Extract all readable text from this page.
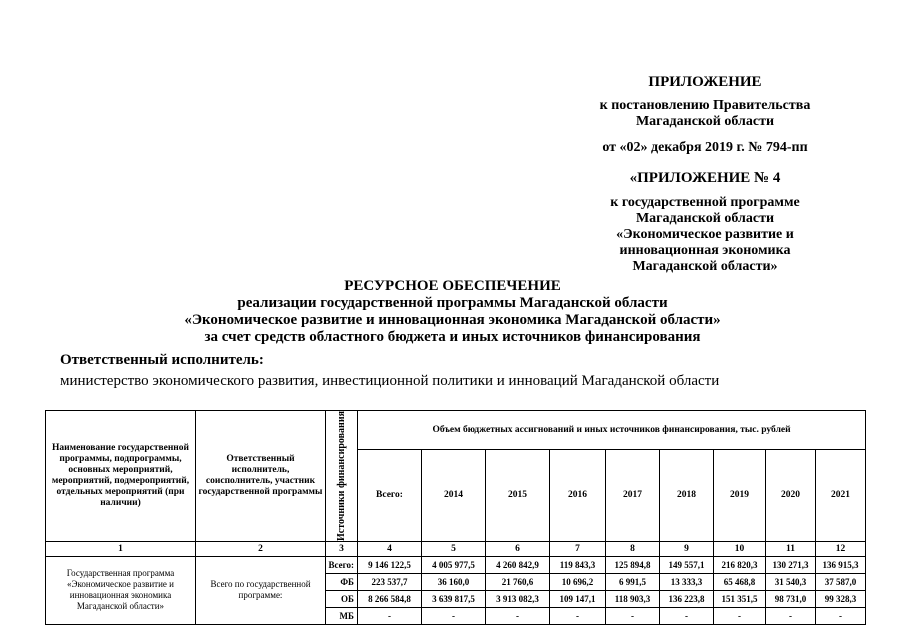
ПРИЛОЖЕНИЕ
к постановлению Правительства
Магаданской области
от «02» декабря 2019 г. № 794-пп
«ПРИЛОЖЕНИЕ № 4
к государственной программе
Магаданской области
«Экономическое развитие и
инновационная экономика
Магаданской области»
РЕСУРСНОЕ ОБЕСПЕЧЕНИЕ
реализации государственной программы Магаданской области
«Экономическое развитие и инновационная экономика Магаданской области»
за счет средств областного бюджета и иных источников финансирования
Ответственный исполнитель:
министерство экономического развития, инвестиционной политики и инноваций Магаданской области
Наименование государственной программы, подпрограммы, основных мероприятий, мероприятий, подмероприятий, отдельных мероприятий (при наличии)	Ответственный исполнитель, соисполнитель, участник государственной программы	Источники финансирования	Объем бюджетных ассигнований и иных источников финансирования, тыс. рублей								
			Всего:	2014	2015	2016	2017	2018	2019	2020	2021
1	2	3	4	5	6	7	8	9	10	11	12
Государственная программа «Экономическое развитие и инновационная экономика Магаданской области»	Всего по государственной программе:	Всего:	9 146 122,5	4 005 977,5	4 260 842,9	119 843,3	125 894,8	149 557,1	216 820,3	130 271,3	136 915,3
		ФБ	223 537,7	36 160,0	21 760,6	10 696,2	6 991,5	13 333,3	65 468,8	31 540,3	37 587,0
		ОБ	8 266 584,8	3 639 817,5	3 913 082,3	109 147,1	118 903,3	136 223,8	151 351,5	98 731,0	99 328,3
		МБ	-	-	-	-	-	-	-	-	-
